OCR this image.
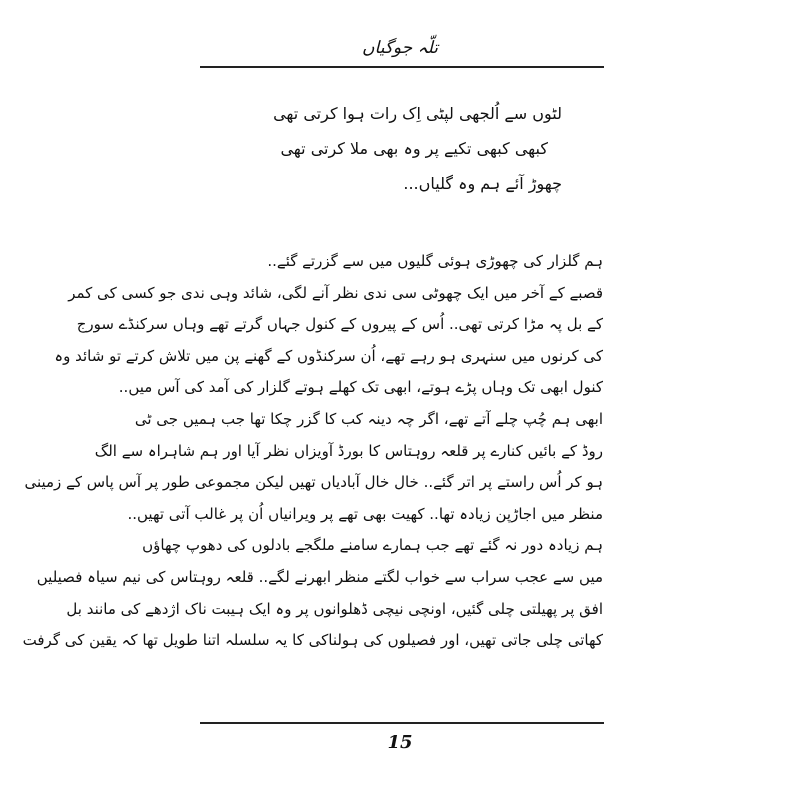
تلّہ جوگیاں
لٹوں سے اُلجھی لپٹی اِک رات ہوا کرتی تھی
کبھی کبھی تکیے پر وہ بھی ملا کرتی تھی
چھوڑ آئے ہم وہ گلیاں...
ہم گلزار کی چھوڑی ہوئی گلیوں میں سے گزرتے گئے..
قصبے کے آخر میں ایک چھوٹی سی ندی نظر آنے لگی، شائد وہی ندی جو کسی کی کمر
کے بل پہ مڑا کرتی تھی.. اُس کے پیروں کے کنول جہاں گرتے تھے وہاں سرکنڈے سورج
کی کرنوں میں سنہری ہو رہے تھے، اُن سرکنڈوں کے گھنے پن میں تلاش کرتے تو شائد وہ
کنول ابھی تک وہاں پڑے ہوتے، ابھی تک کھلے ہوتے گلزار کی آمد کی آس میں..
ابھی ہم چُپ چلے آتے تھے، اگر چہ دینہ کب کا گزر چکا تھا جب ہمیں جی ٹی
روڈ کے بائیں کنارے پر قلعہ روہتاس کا بورڈ آویزاں نظر آیا اور ہم شاہراہ سے الگ
ہو کر اُس راستے پر اتر گئے.. خال خال آبادیاں تھیں لیکن مجموعی طور پر آس پاس کے زمینی
منظر میں اجاڑپن زیادہ تھا.. کھیت بھی تھے پر ویرانیاں اُن پر غالب آتی تھیں..
ہم زیادہ دور نہ گئے تھے جب ہمارے سامنے ملگجے بادلوں کی دھوپ چھاؤں
میں سے عجب سراب سے خواب لگتے منظر ابھرنے لگے.. قلعہ روہتاس کی نیم سیاہ فصیلیں
افق پر پھیلتی چلی گئیں، اونچی نیچی ڈھلوانوں پر وہ ایک ہیبت ناک اژدھے کی مانند بل
کھاتی چلی جاتی تھیں، اور فصیلوں کی ہولناکی کا یہ سلسلہ اتنا طویل تھا کہ یقین کی گرفت
15
